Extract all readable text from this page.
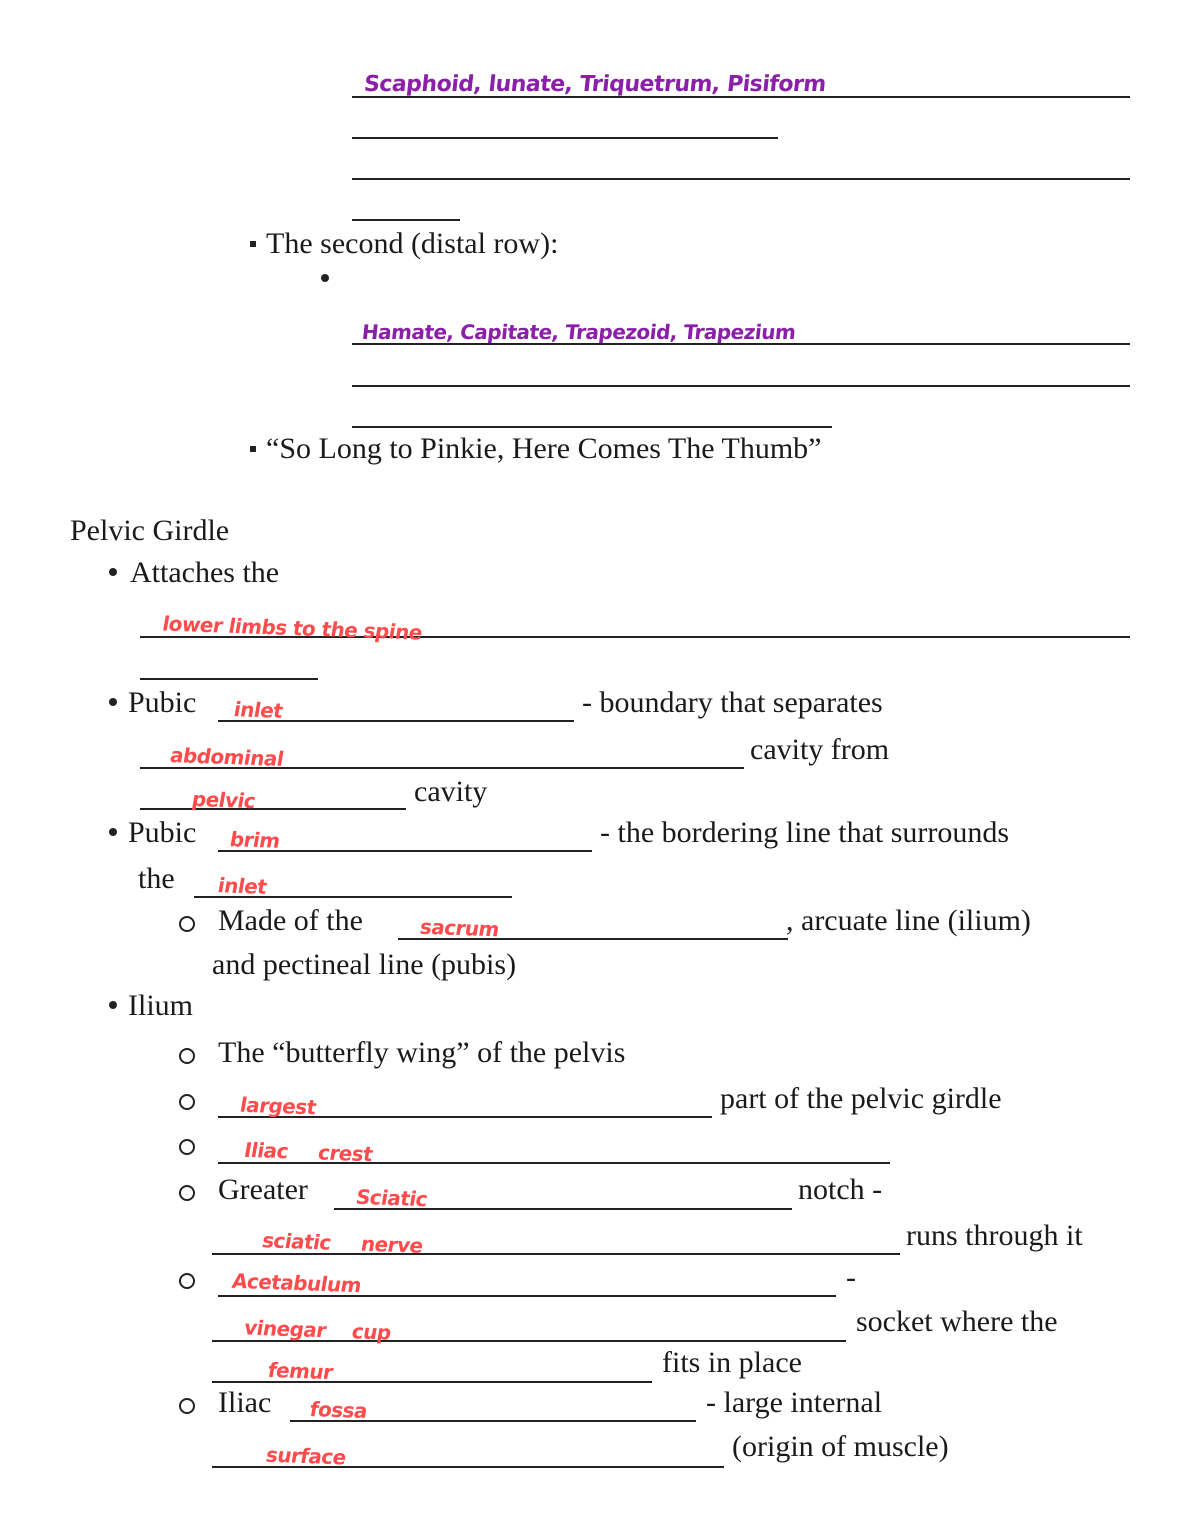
Scaphoid, lunate, Triquetrum, Pisiform
The second (distal row):
Hamate, Capitate, Trapezoid, Trapezium
“So Long to Pinkie, Here Comes The Thumb”
Pelvic Girdle
Attaches the
lower limbs to the spine
Pubic inlet	- boundary that separates
abdominal	cavity from
pelvic	cavity
Pubic brim	- the bordering line that surrounds
the inlet
Made of the	sacrum	, arcuate line (ilium)
and pectineal line (pubis)
Ilium
The “butterfly wing” of the pelvis
largest	part of the pelvic girdle
Iliac crest
Greater Sciatic	notch -
sciatic nerve	runs through it
Acetabulum	-
vinegar cup	socket where the
femur	fits in place
Iliac fossa	- large internal
surface	(origin of muscle)
